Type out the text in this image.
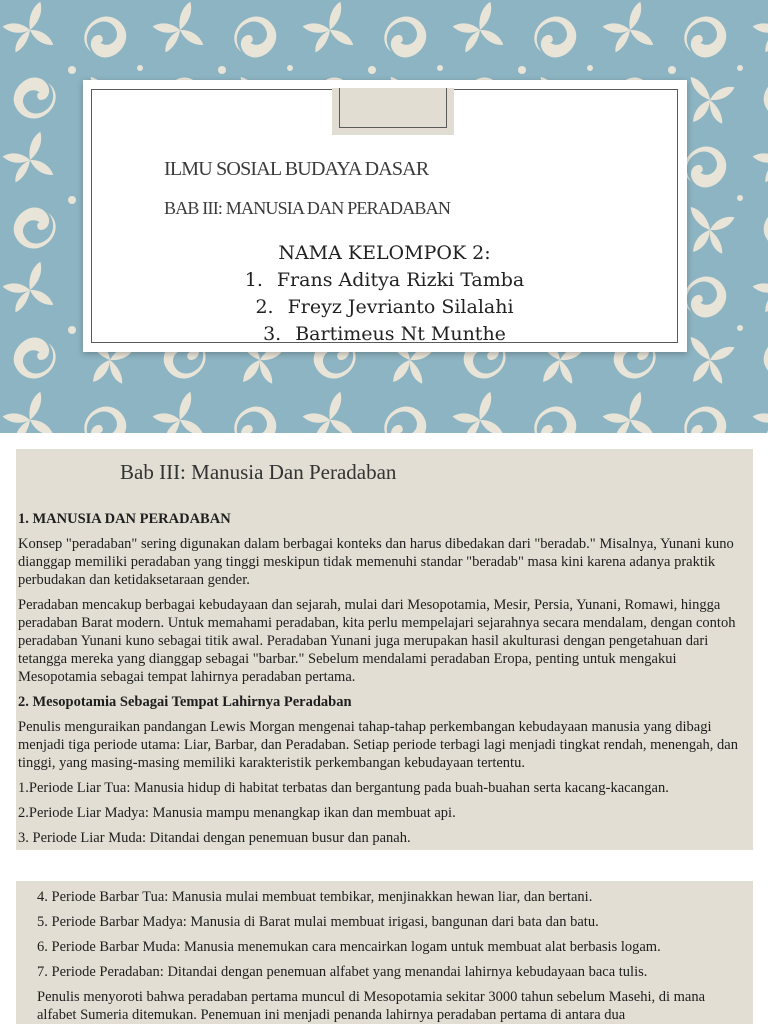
ILMU SOSIAL BUDAYA DASAR
BAB III: MANUSIA DAN PERADABAN
NAMA KELOMPOK 2:
1. Frans Aditya Rizki Tamba
2. Freyz Jevrianto Silalahi
3. Bartimeus Nt Munthe
Bab III: Manusia Dan Peradaban

1. MANUSIA DAN PERADABAN

Konsep "peradaban" sering digunakan dalam berbagai konteks dan harus dibedakan dari "beradab." Misalnya, Yunani kuno dianggap memiliki peradaban yang tinggi meskipun tidak memenuhi standar "beradab" masa kini karena adanya praktik perbudakan dan ketidaksetaraan gender.

Peradaban mencakup berbagai kebudayaan dan sejarah, mulai dari Mesopotamia, Mesir, Persia, Yunani, Romawi, hingga peradaban Barat modern. Untuk memahami peradaban, kita perlu mempelajari sejarahnya secara mendalam, dengan contoh peradaban Yunani kuno sebagai titik awal. Peradaban Yunani juga merupakan hasil akulturasi dengan pengetahuan dari tetangga mereka yang dianggap sebagai "barbar." Sebelum mendalami peradaban Eropa, penting untuk mengakui Mesopotamia sebagai tempat lahirnya peradaban pertama.

2. Mesopotamia Sebagai Tempat Lahirnya Peradaban

Penulis menguraikan pandangan Lewis Morgan mengenai tahap-tahap perkembangan kebudayaan manusia yang dibagi menjadi tiga periode utama: Liar, Barbar, dan Peradaban. Setiap periode terbagi lagi menjadi tingkat rendah, menengah, dan tinggi, yang masing-masing memiliki karakteristik perkembangan kebudayaan tertentu.

1.Periode Liar Tua: Manusia hidup di habitat terbatas dan bergantung pada buah-buahan serta kacang-kacangan.

2.Periode Liar Madya: Manusia mampu menangkap ikan dan membuat api.

3. Periode Liar Muda: Ditandai dengan penemuan busur dan panah.

4. Periode Barbar Tua: Manusia mulai membuat tembikar, menjinakkan hewan liar, dan bertani.

5. Periode Barbar Madya: Manusia di Barat mulai membuat irigasi, bangunan dari bata dan batu.

6. Periode Barbar Muda: Manusia menemukan cara mencairkan logam untuk membuat alat berbasis logam.

7. Periode Peradaban: Ditandai dengan penemuan alfabet yang menandai lahirnya kebudayaan baca tulis.

Penulis menyoroti bahwa peradaban pertama muncul di Mesopotamia sekitar 3000 tahun sebelum Masehi, di mana alfabet Sumeria ditemukan. Penemuan ini menjadi penanda lahirnya peradaban pertama di antara dua
